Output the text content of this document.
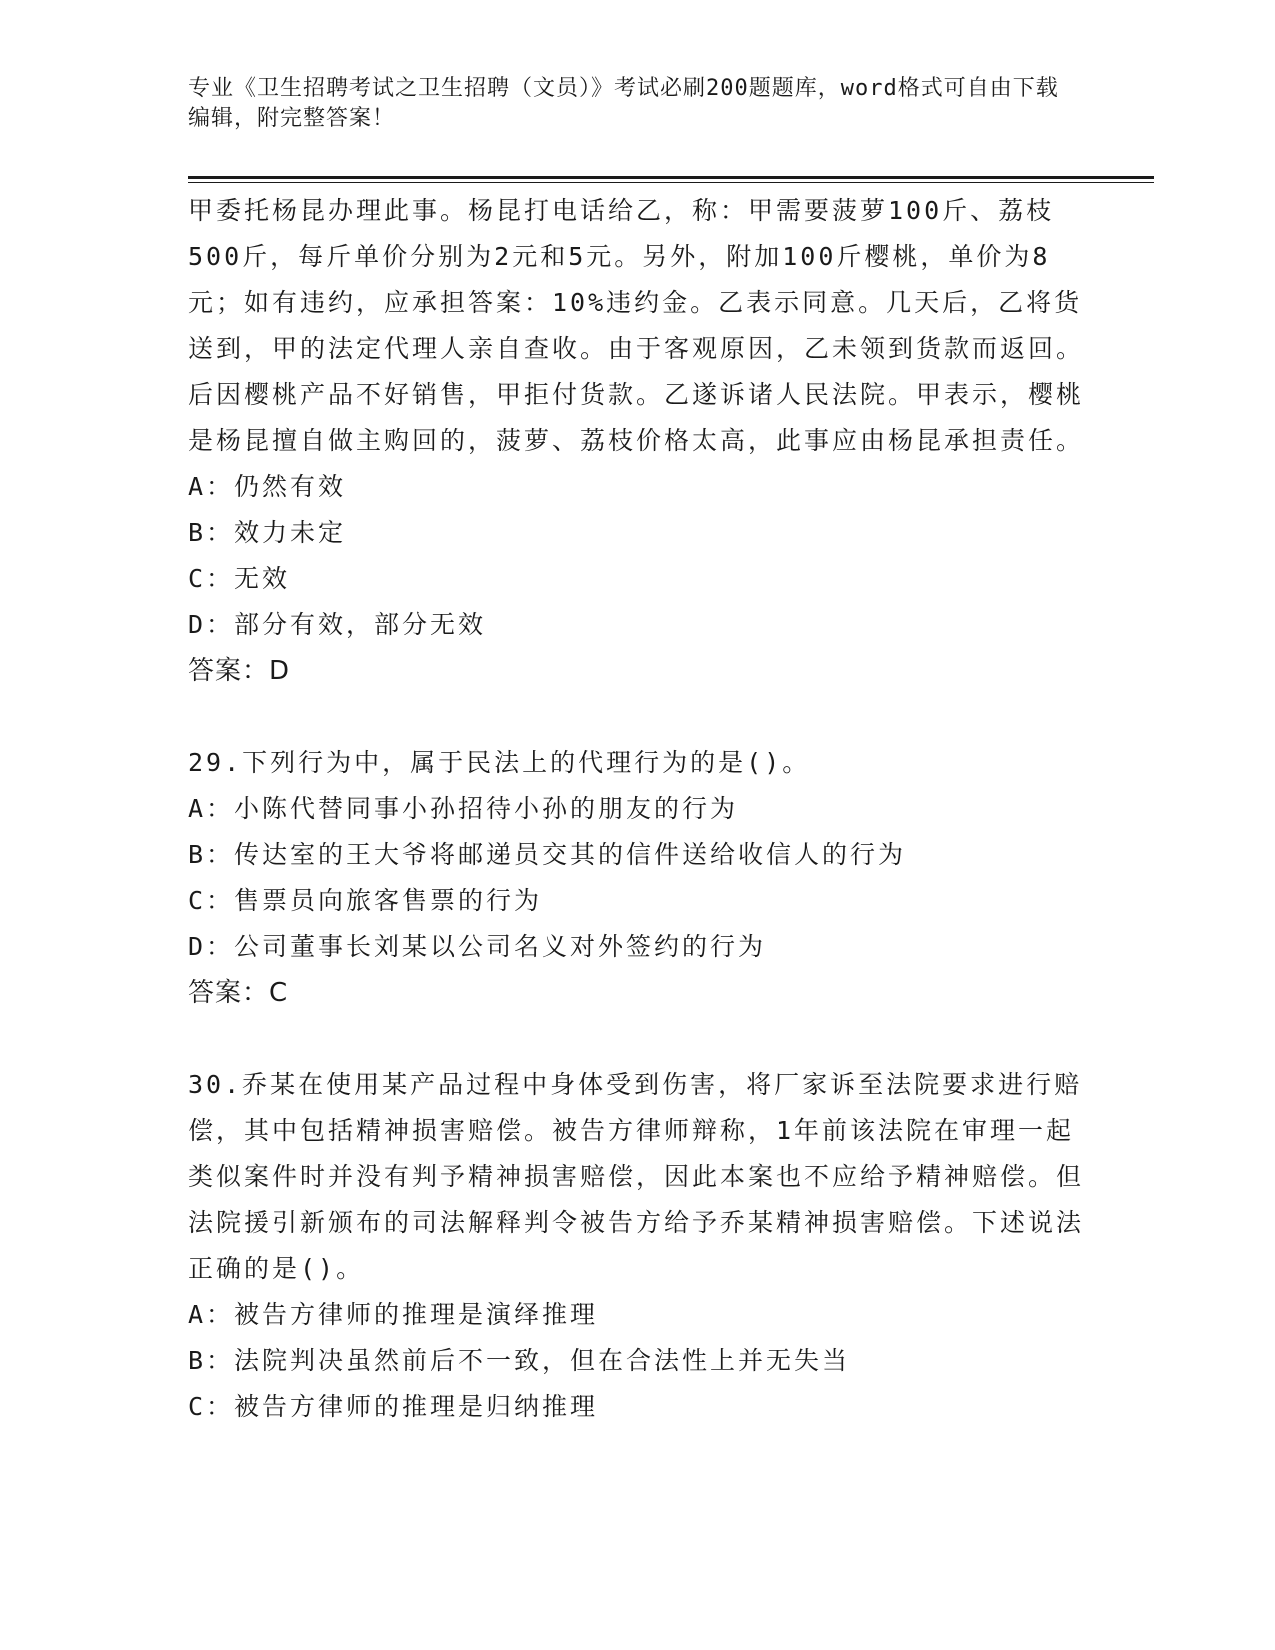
专业《卫生招聘考试之卫生招聘（文员）》考试必刷200题题库，word格式可自由下载编辑，附完整答案！

甲委托杨昆办理此事。杨昆打电话给乙，称：甲需要菠萝100斤、荔枝500斤，每斤单价分别为2元和5元。另外，附加100斤樱桃，单价为8元；如有违约，应承担答案：10%违约金。乙表示同意。几天后，乙将货送到，甲的法定代理人亲自查收。由于客观原因，乙未领到货款而返回。后因樱桃产品不好销售，甲拒付货款。乙遂诉诸人民法院。甲表示，樱桃是杨昆擅自做主购回的，菠萝、荔枝价格太高，此事应由杨昆承担责任。

A：仍然有效

B：效力未定

C：无效

D：部分有效，部分无效

答案：D

29.下列行为中，属于民法上的代理行为的是()。

A：小陈代替同事小孙招待小孙的朋友的行为

B：传达室的王大爷将邮递员交其的信件送给收信人的行为

C：售票员向旅客售票的行为

D：公司董事长刘某以公司名义对外签约的行为

答案：C

30.乔某在使用某产品过程中身体受到伤害，将厂家诉至法院要求进行赔偿，其中包括精神损害赔偿。被告方律师辩称，1年前该法院在审理一起类似案件时并没有判予精神损害赔偿，因此本案也不应给予精神赔偿。但法院援引新颁布的司法解释判令被告方给予乔某精神损害赔偿。下述说法正确的是()。

A：被告方律师的推理是演绎推理

B：法院判决虽然前后不一致，但在合法性上并无失当

C：被告方律师的推理是归纳推理
